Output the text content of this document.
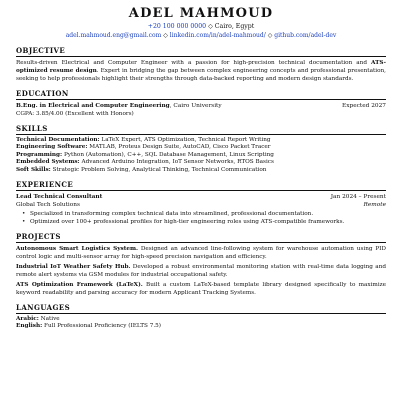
ADEL MAHMOUD
+20 100 000 0000 ◇ Cairo, Egypt
adel.mahmoud.eng@gmail.com ◇ linkedin.com/in/adel-mahmoud/ ◇ github.com/adel-dev
OBJECTIVE
Results-driven Electrical and Computer Engineer with a passion for high-precision technical documentation and ATS-optimized resume design. Expert in bridging the gap between complex engineering concepts and professional presentation, seeking to help professionals highlight their strengths through data-backed reporting and modern design standards.
EDUCATION
B.Eng. in Electrical and Computer Engineering, Cairo University	Expected 2027
CGPA: 3.85/4.00 (Excellent with Honors)
SKILLS
Technical Documentation: LaTeX Expert, ATS Optimization, Technical Report Writing
Engineering Software: MATLAB, Proteus Design Suite, AutoCAD, Cisco Packet Tracer
Programming: Python (Automation), C++, SQL Database Management, Linux Scripting
Embedded Systems: Advanced Arduino Integration, IoT Sensor Networks, RTOS Basics
Soft Skills: Strategic Problem Solving, Analytical Thinking, Technical Communication
EXPERIENCE
Lead Technical Consultant	Jan 2024 – Present
Global Tech Solutions	Remote
• Specialized in transforming complex technical data into streamlined, professional documentation.
• Optimized over 100+ professional profiles for high-tier engineering roles using ATS-compatible frameworks.
PROJECTS
Autonomous Smart Logistics System. Designed an advanced line-following system for warehouse automation using PID control logic and multi-sensor array for high-speed precision navigation and efficiency.
Industrial IoT Weather Safety Hub. Developed a robust environmental monitoring station with real-time data logging and remote alert systems via GSM modules for industrial occupational safety.
ATS Optimization Framework (LaTeX). Built a custom LaTeX-based template library designed specifically to maximize keyword readability and parsing accuracy for modern Applicant Tracking Systems.
LANGUAGES
Arabic: Native
English: Full Professional Proficiency (IELTS 7.5)
